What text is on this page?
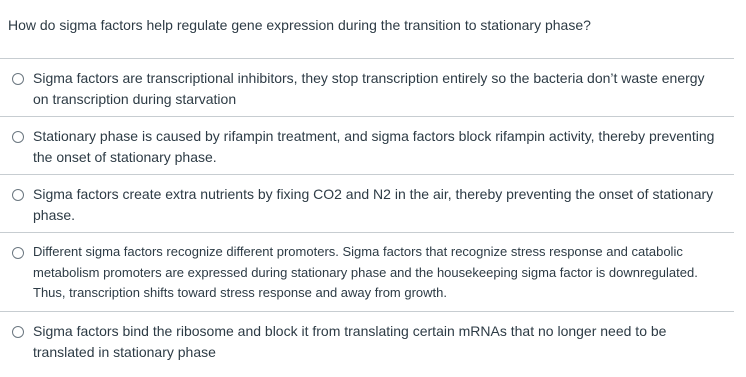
How do sigma factors help regulate gene expression during the transition to stationary phase?
Sigma factors are transcriptional inhibitors, they stop transcription entirely so the bacteria don’t waste energy on transcription during starvation
Stationary phase is caused by rifampin treatment, and sigma factors block rifampin activity, thereby preventing the onset of stationary phase.
Sigma factors create extra nutrients by fixing CO2 and N2 in the air, thereby preventing the onset of stationary phase.
Different sigma factors recognize different promoters. Sigma factors that recognize stress response and catabolic metabolism promoters are expressed during stationary phase and the housekeeping sigma factor is downregulated. Thus, transcription shifts toward stress response and away from growth.
Sigma factors bind the ribosome and block it from translating certain mRNAs that no longer need to be translated in stationary phase
